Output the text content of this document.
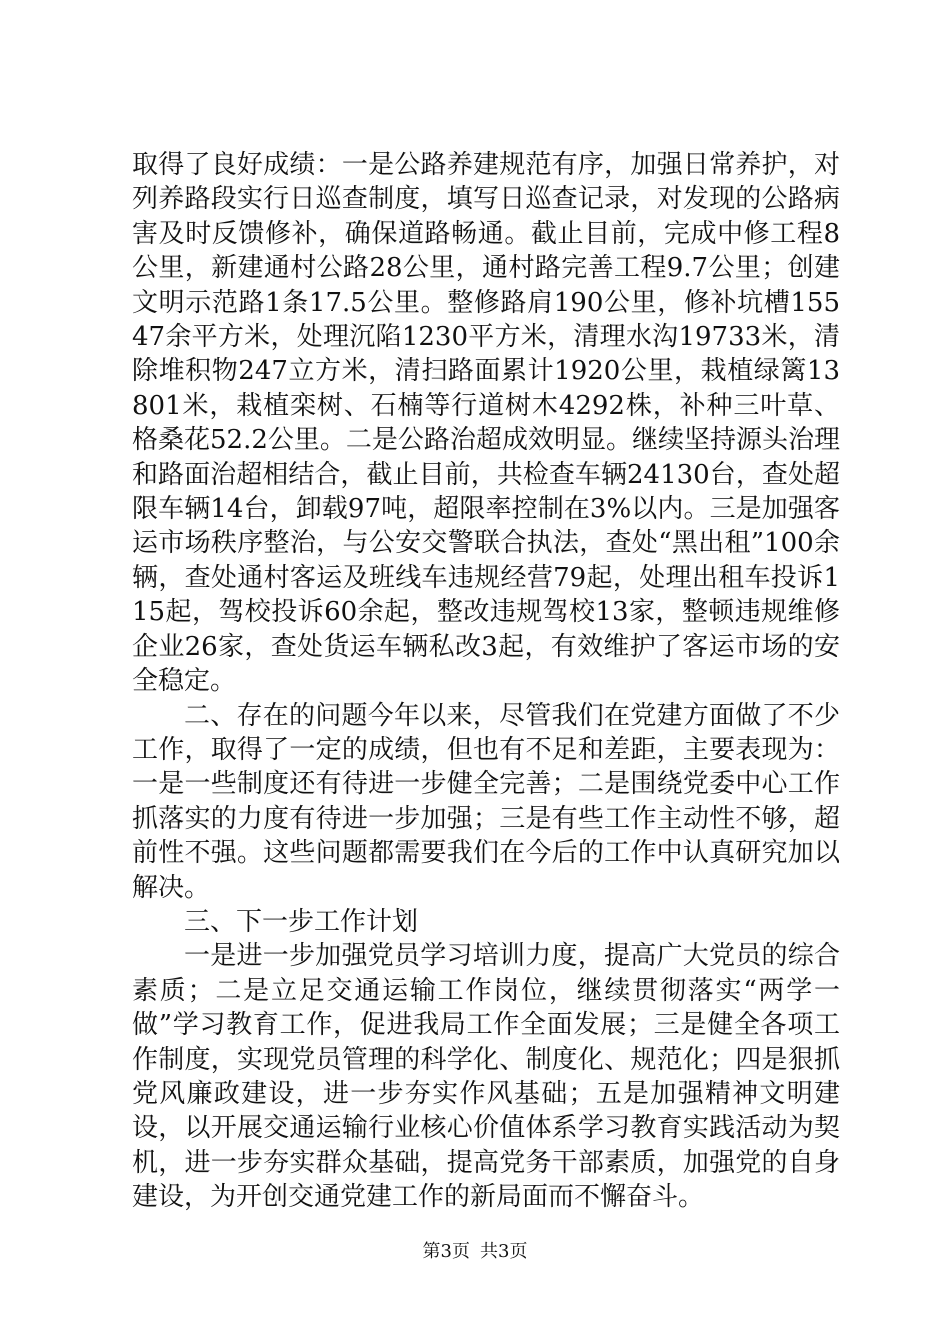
取得了良好成绩：一是公路养建规范有序，加强日常养护，对列养路段实行日巡查制度，填写日巡查记录，对发现的公路病害及时反馈修补，确保道路畅通。截止目前，完成中修工程8公里，新建通村公路28公里，通村路完善工程9.7公里；创建文明示范路1条17.5公里。整修路肩190公里，修补坑槽15547余平方米，处理沉陷1230平方米，清理水沟19733米，清除堆积物247立方米，清扫路面累计1920公里，栽植绿篱13801米，栽植栾树、石楠等行道树木4292株，补种三叶草、格桑花52.2公里。二是公路治超成效明显。继续坚持源头治理和路面治超相结合，截止目前，共检查车辆24130台，查处超限车辆14台，卸载97吨，超限率控制在3%以内。三是加强客运市场秩序整治，与公安交警联合执法，查处“黑出租”100余辆，查处通村客运及班线车违规经营79起，处理出租车投诉115起，驾校投诉60余起，整改违规驾校13家，整顿违规维修企业26家，查处货运车辆私改3起，有效维护了客运市场的安全稳定。

二、存在的问题今年以来，尽管我们在党建方面做了不少工作，取得了一定的成绩，但也有不足和差距，主要表现为：一是一些制度还有待进一步健全完善；二是围绕党委中心工作抓落实的力度有待进一步加强；三是有些工作主动性不够，超前性不强。这些问题都需要我们在今后的工作中认真研究加以解决。

三、下一步工作计划

一是进一步加强党员学习培训力度，提高广大党员的综合素质；二是立足交通运输工作岗位，继续贯彻落实“两学一做”学习教育工作，促进我局工作全面发展；三是健全各项工作制度，实现党员管理的科学化、制度化、规范化；四是狠抓党风廉政建设，进一步夯实作风基础；五是加强精神文明建设，以开展交通运输行业核心价值体系学习教育实践活动为契机，进一步夯实群众基础，提高党务干部素质，加强党的自身建设，为开创交通党建工作的新局面而不懈奋斗。

第3页 共3页
